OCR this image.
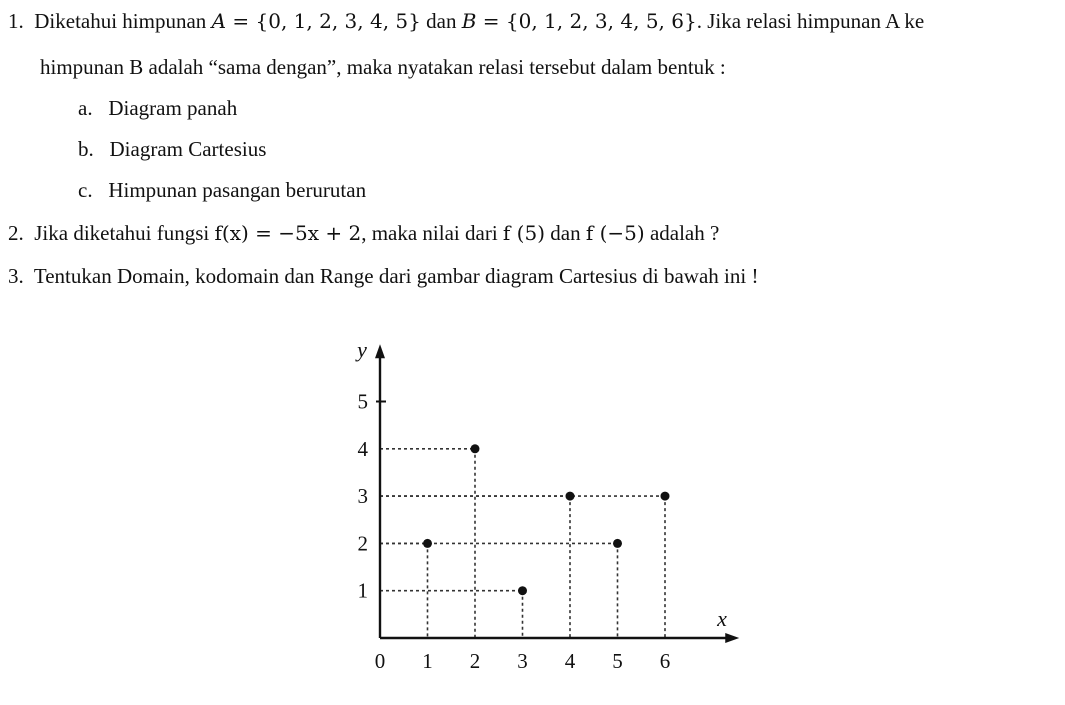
1. Diketahui himpunan A = {0, 1, 2, 3, 4, 5} dan B = {0, 1, 2, 3, 4, 5, 6}. Jika relasi himpunan A ke
himpunan B adalah “sama dengan”, maka nyatakan relasi tersebut dalam bentuk :
a. Diagram panah
b. Diagram Cartesius
c. Himpunan pasangan berurutan
2. Jika diketahui fungsi f(x) = −5x + 2, maka nilai dari f (5) dan f (−5) adalah ?
3. Tentukan Domain, kodomain dan Range dari gambar diagram Cartesius di bawah ini !
0 1 2 3 4 5 6
1
2
3
4
5
x
y
